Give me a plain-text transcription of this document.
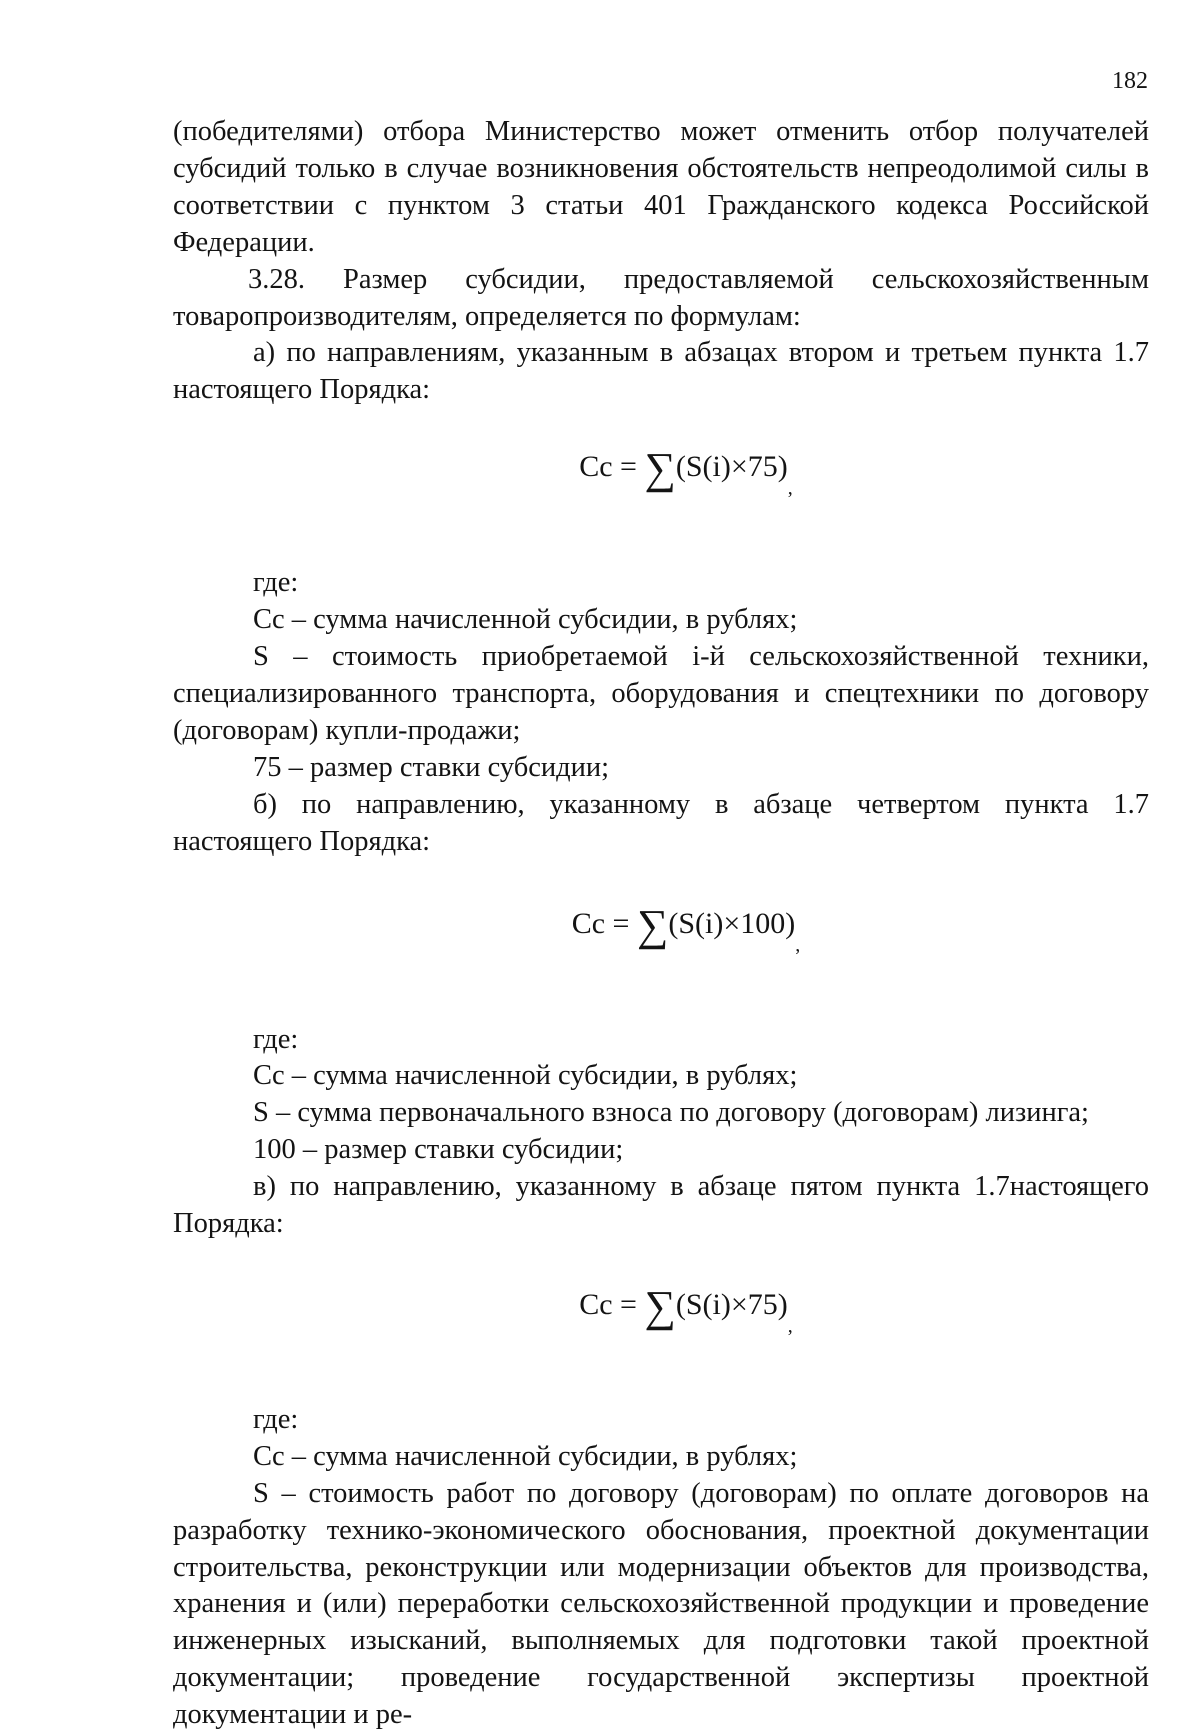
182

(победителями) отбора Министерство может отменить отбор получателей субсидий только в случае возникновения обстоятельств непреодолимой силы в соответствии с пунктом 3 статьи 401 Гражданского кодекса Российской Федерации.

3.28. Размер субсидии, предоставляемой сельскохозяйственным товаропроизводителям, определяется по формулам:

а) по направлениям, указанным в абзацах втором и третьем пункта 1.7 настоящего Порядка:

$Cc = \sum(S(i)\times 75)_,$

где:

Cc – сумма начисленной субсидии, в рублях;

S – стоимость приобретаемой i-й сельскохозяйственной техники, специализированного транспорта, оборудования и спецтехники по договору (договорам) купли-продажи;

75 – размер ставки субсидии;

б) по направлению, указанному в абзаце четвертом пункта 1.7 настоящего Порядка:

$Cc = \sum(S(i)\times 100)_,$

где:

Cc – сумма начисленной субсидии, в рублях;

S – сумма первоначального взноса по договору (договорам) лизинга;

100 – размер ставки субсидии;

в) по направлению, указанному в абзаце пятом пункта 1.7настоящего Порядка:

$Cc = \sum(S(i)\times 75)_,$

где:

Cc – сумма начисленной субсидии, в рублях;

S – стоимость работ по договору (договорам) по оплате договоров на разработку технико-экономического обоснования, проектной документации строительства, реконструкции или модернизации объектов для производства, хранения и (или) переработки сельскохозяйственной продукции и проведение инженерных изысканий, выполняемых для подготовки такой проектной документации; проведение государственной экспертизы проектной документации и ре-
